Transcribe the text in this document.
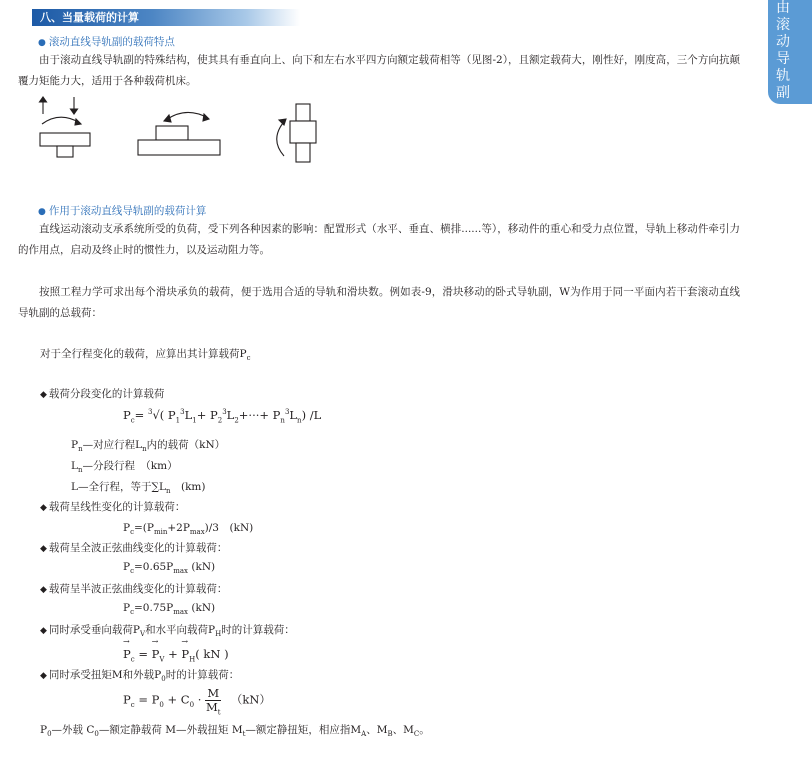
由滚动导轨副
八、当量载荷的计算
● 滚动直线导轨副的载荷特点
由于滚动直线导轨副的特殊结构，使其具有垂直向上、向下和左右水平四方向额定载荷相等（见图-2），且额定载荷大，刚性好，刚度高，三个方向抗颠覆力矩能力大，适用于各种载荷机床。
● 作用于滚动直线导轨副的载荷计算
直线运动滚动支承系统所受的负荷，受下列各种因素的影响：配置形式（水平、垂直、横排......等），移动件的重心和受力点位置，导轨上移动件牵引力的作用点，启动及终止时的惯性力，以及运动阻力等。
按照工程力学可求出每个滑块承负的载荷，便于选用合适的导轨和滑块数。例如表-9，滑块移动的卧式导轨副，W为作用于同一平面内若干套滚动直线导轨副的总载荷：
对于全行程变化的载荷，应算出其计算载荷$P_c$
◆ 载荷分段变化的计算载荷
$P_c= ^3√$( $P_1^3L_1+ P_2^3L_2+\cdot\cdot\cdot+ P_n^3L_n$) /L
$P_n—$对应行程$L_n$内的载荷（kN）
$L_n—$分段行程　（km）
L—全行程，等于$\sum L_n$　(km)
◆ 载荷呈线性变化的计算载荷：
$P_c=(P_{min}+2P_{max})/3$　(kN)
◆ 载荷呈全波正弦曲线变化的计算载荷：
$P_c=0.65P_{max}$ (kN)
◆ 载荷呈半波正弦曲线变化的计算载荷：
$P_c=0.75P_{max}$ (kN)
◆ 同时承受垂向载荷$P_V$和水平向载荷$P_H$时的计算载荷：
→ $P_c$ = → $P_V$ + → $P_H$( kN )
◆ 同时承受扭矩M和外载$P_0$时的计算载荷：
$P_c = P_0 + C_0 \cdot \frac{M}{M_t}$
　 （kN）
$P_0—$外载 $C_0—$额定静载荷 M—外载扭矩 $M_t—$额定静扭矩，相应指$M_A$、$M_B$、$M_C$。
